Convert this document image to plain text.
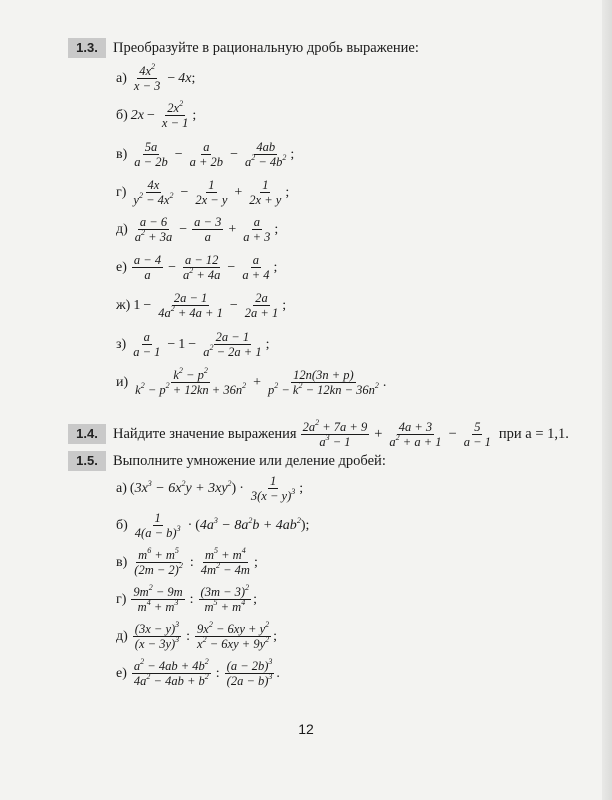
1.3.	Преобразуйте в рациональную дробь выражение:
а) $4x^2$
x − 3
− 4x ;
б) $2x - \frac{2x^2}{x - 1}$ ;
в) 5a
a − 2b
− $\frac{a}{a + 2b} - \frac{4ab}{a^2 - 4b^2}$ ;
г) 4x
$y^2 - 4x^2 - \frac{1}{2x - y} + \frac{1}{2x + y}$ ;
д) a − 6
$a^2 + 3a$
− $\frac{a - 3}{a} + \frac{a}{a + 3}$ ;
е) a − 4
a
− $\frac{a - 12}{a^2 + 4a} - \frac{a}{a + 4}$ ;
ж) $1 - \frac{2a - 1}{4a^2 + 4a + 1} - \frac{2a}{2a + 1}$ ;
з) a
a − 1
− $1 - \frac{2a - 1}{a^2 - 2a + 1}$ ;
и)	$k^2 - p^2$
$k^2 - p^2 + 12kn + 36n^2 + \frac{12n(3n + p)}{p^2 - k^2 - 12kn - 36n^2}$ .
1.4.	Найдите значение выражения $2a^2 + 7a + 9$
$a^3 - 1 + \frac{4a + 3}{a^2 + a + 1} - \frac{5}{a - 1}$ при a = 1,1.
1.5.	Выполните умножение или деление дробей:
а) ( $3x^3 - 6x^2y + 3xy^2$ ) · 1
$3(x - y)^3$ ;
б) 1
$4(a - b)^3$ · ( $4a^3 - 8a^2b + 4ab^2$ );
в) $m^6 + m^5$
$(2m - 2)^2$ : $m^5 + m^4$
$4m^2 - 4m$
;
г) $9m^2 - 9m$
$m^4 + m^3$ : $(3m - 3)^2$
$m^5 + m^4$ ;
д) $(3x - y)^3$
$(x - 3y)^3$ : $9x^2 - 6xy + y^2$
$x^2 - 6xy + 9y^2$ ;
е) $a^2 - 4ab + 4b^2$
$4a^2 - 4ab + b^2$ : $(a - 2b)^3$
$(2a - b)^3$ .
12
